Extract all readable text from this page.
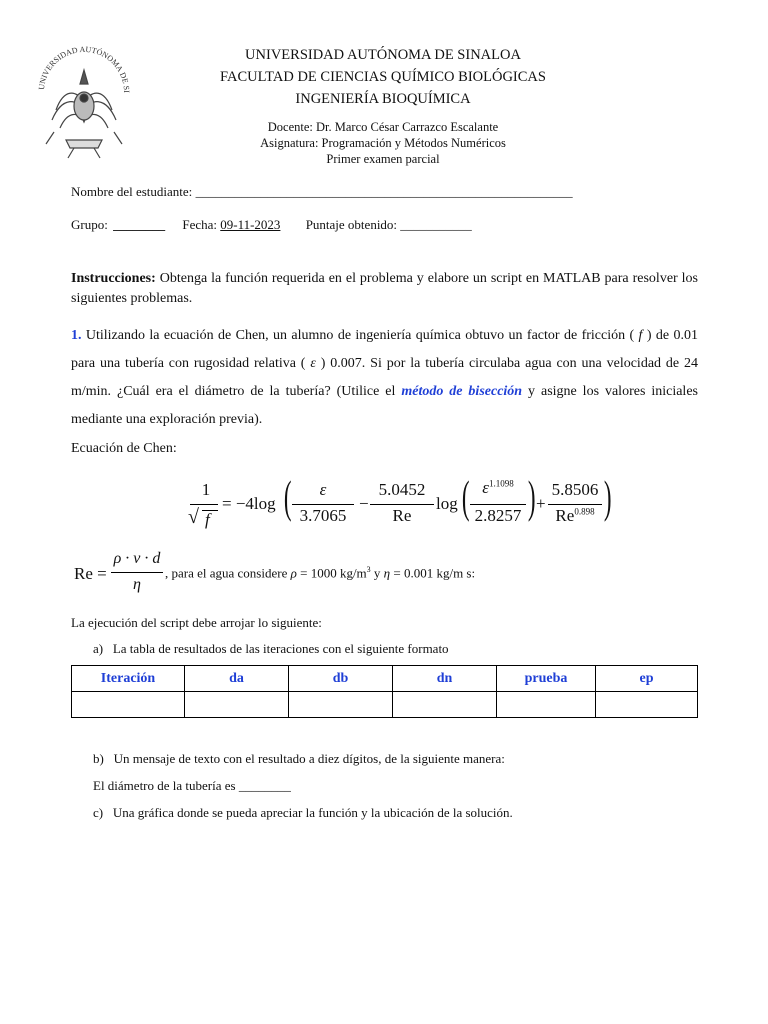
UNIVERSIDAD AUTÓNOMA DE SI
UNIVERSIDAD AUTÓNOMA DE SINALOA
FACULTAD DE CIENCIAS QUÍMICO BIOLÓGICAS
INGENIERÍA BIOQUÍMICA
Docente: Dr. Marco César Carrazco Escalante
Asignatura: Programación y Métodos Numéricos
Primer examen parcial
Nombre del estudiante: __________________________________________________________
Grupo: ________ Fecha: 09-11-2023 Puntaje obtenido: ___________
Instrucciones: Obtenga la función requerida en el problema y elabore un script en MATLAB para resolver los siguientes problemas.
1. Utilizando la ecuación de Chen, un alumno de ingeniería química obtuvo un factor de fricción ( f ) de 0.01 para una tubería con rugosidad relativa ( ε ) 0.007. Si por la tubería circulaba agua con una velocidad de 24 m/min. ¿Cuál era el diámetro de la tubería? (Utilice el método de bisección y asigne los valores iniciales mediante una exploración previa).
Ecuación de Chen:
1
√ f
= −4log (	ε
3.7065
−
5.0452
Re
log ( $\varepsilon^{1.1098}$
2.8257 ) +
5.8506
$Re^{0.898}$ )
Re =
ρ · v · d
η
, para el agua considere ρ = 1000 $kg/m^3$ y η = 0.001 kg/m s:
La ejecución del script debe arrojar lo siguiente:
a)   La tabla de resultados de las iteraciones con el siguiente formato
Iteración	da	db	dn	prueba	ep

b)   Un mensaje de texto con el resultado a diez dígitos, de la siguiente manera:
El diámetro de la tubería es ________
c)   Una gráfica donde se pueda apreciar la función y la ubicación de la solución.
